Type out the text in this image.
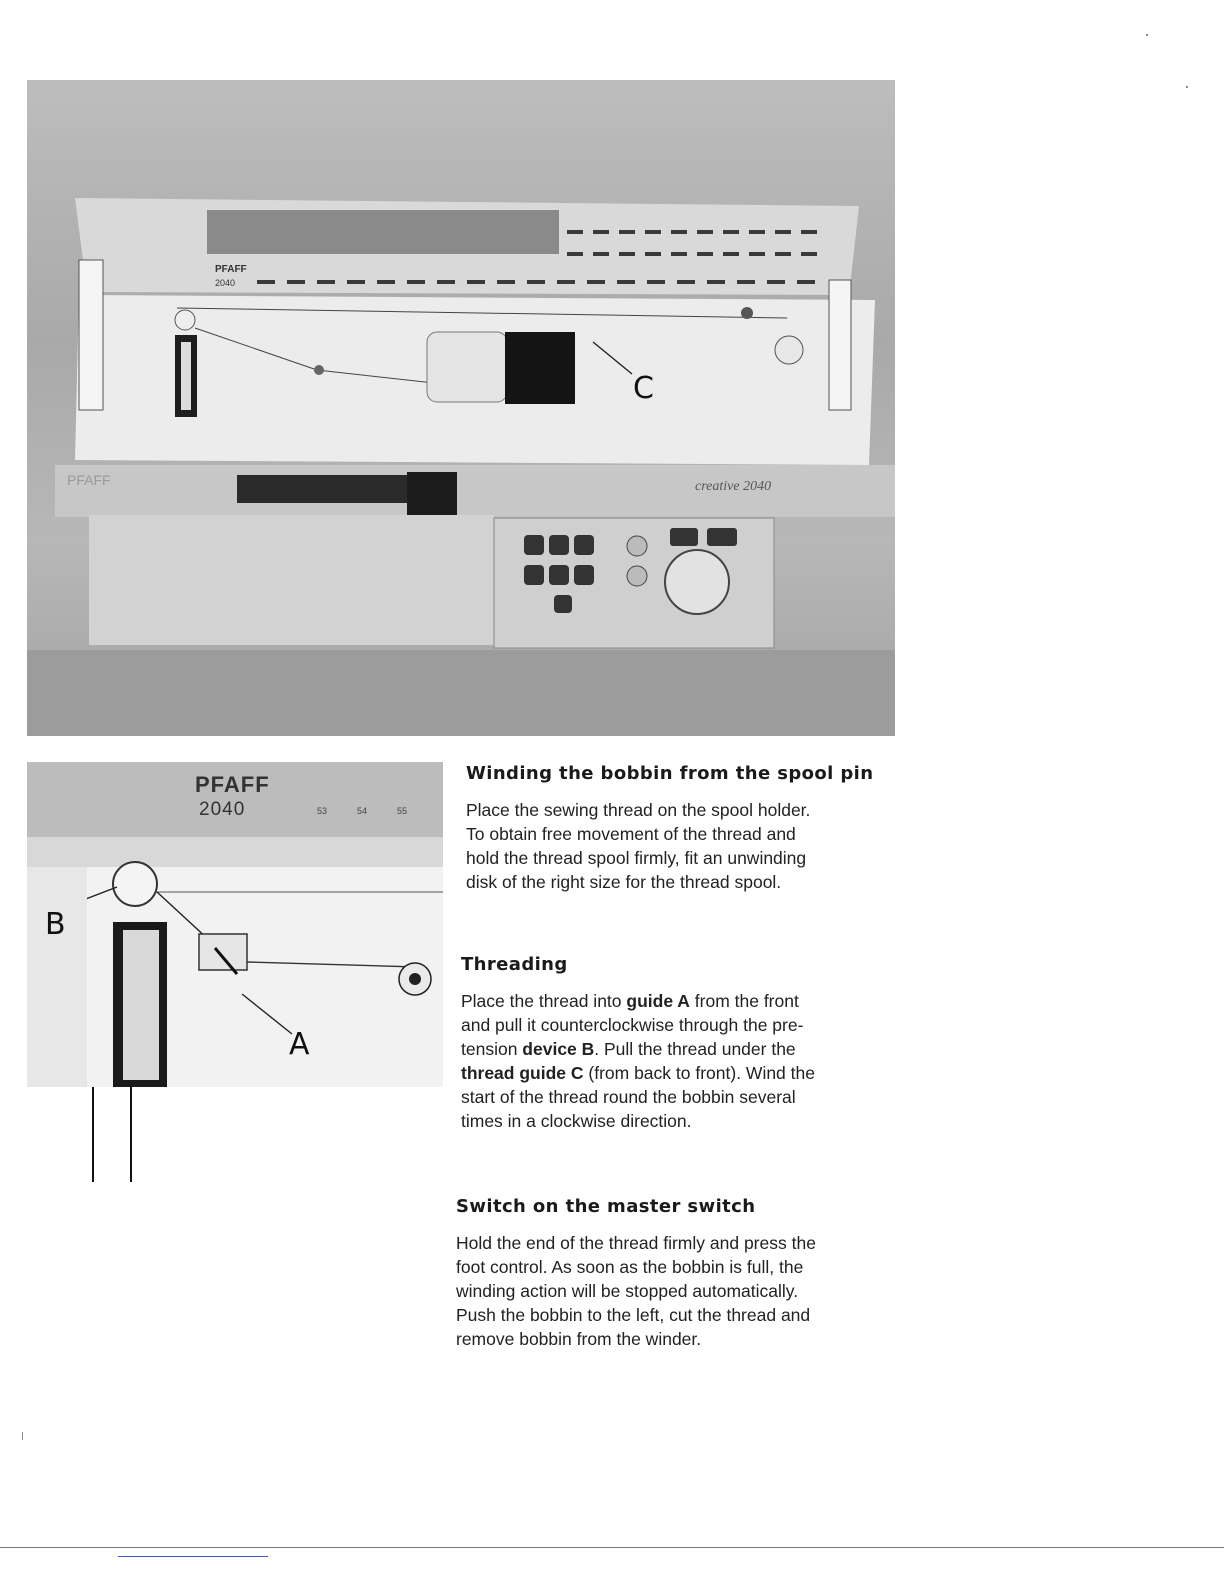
PFAFF
2040
C
PFAFF	creative 2040
PFAFF
2040	53	54	55
B
A
Winding the bobbin from the spool pin

Place the sewing thread on the spool holder.
To obtain free movement of the thread and
hold the thread spool firmly, fit an unwinding
disk of the right size for the thread spool.

Threading

Place the thread into guide A from the front
and pull it counterclockwise through the pre-
tension device B. Pull the thread under the
thread guide C (from back to front). Wind the
start of the thread round the bobbin several
times in a clockwise direction.

Switch on the master switch

Hold the end of the thread firmly and press the
foot control. As soon as the bobbin is full, the
winding action will be stopped automatically.
Push the bobbin to the left, cut the thread and
remove bobbin from the winder.
